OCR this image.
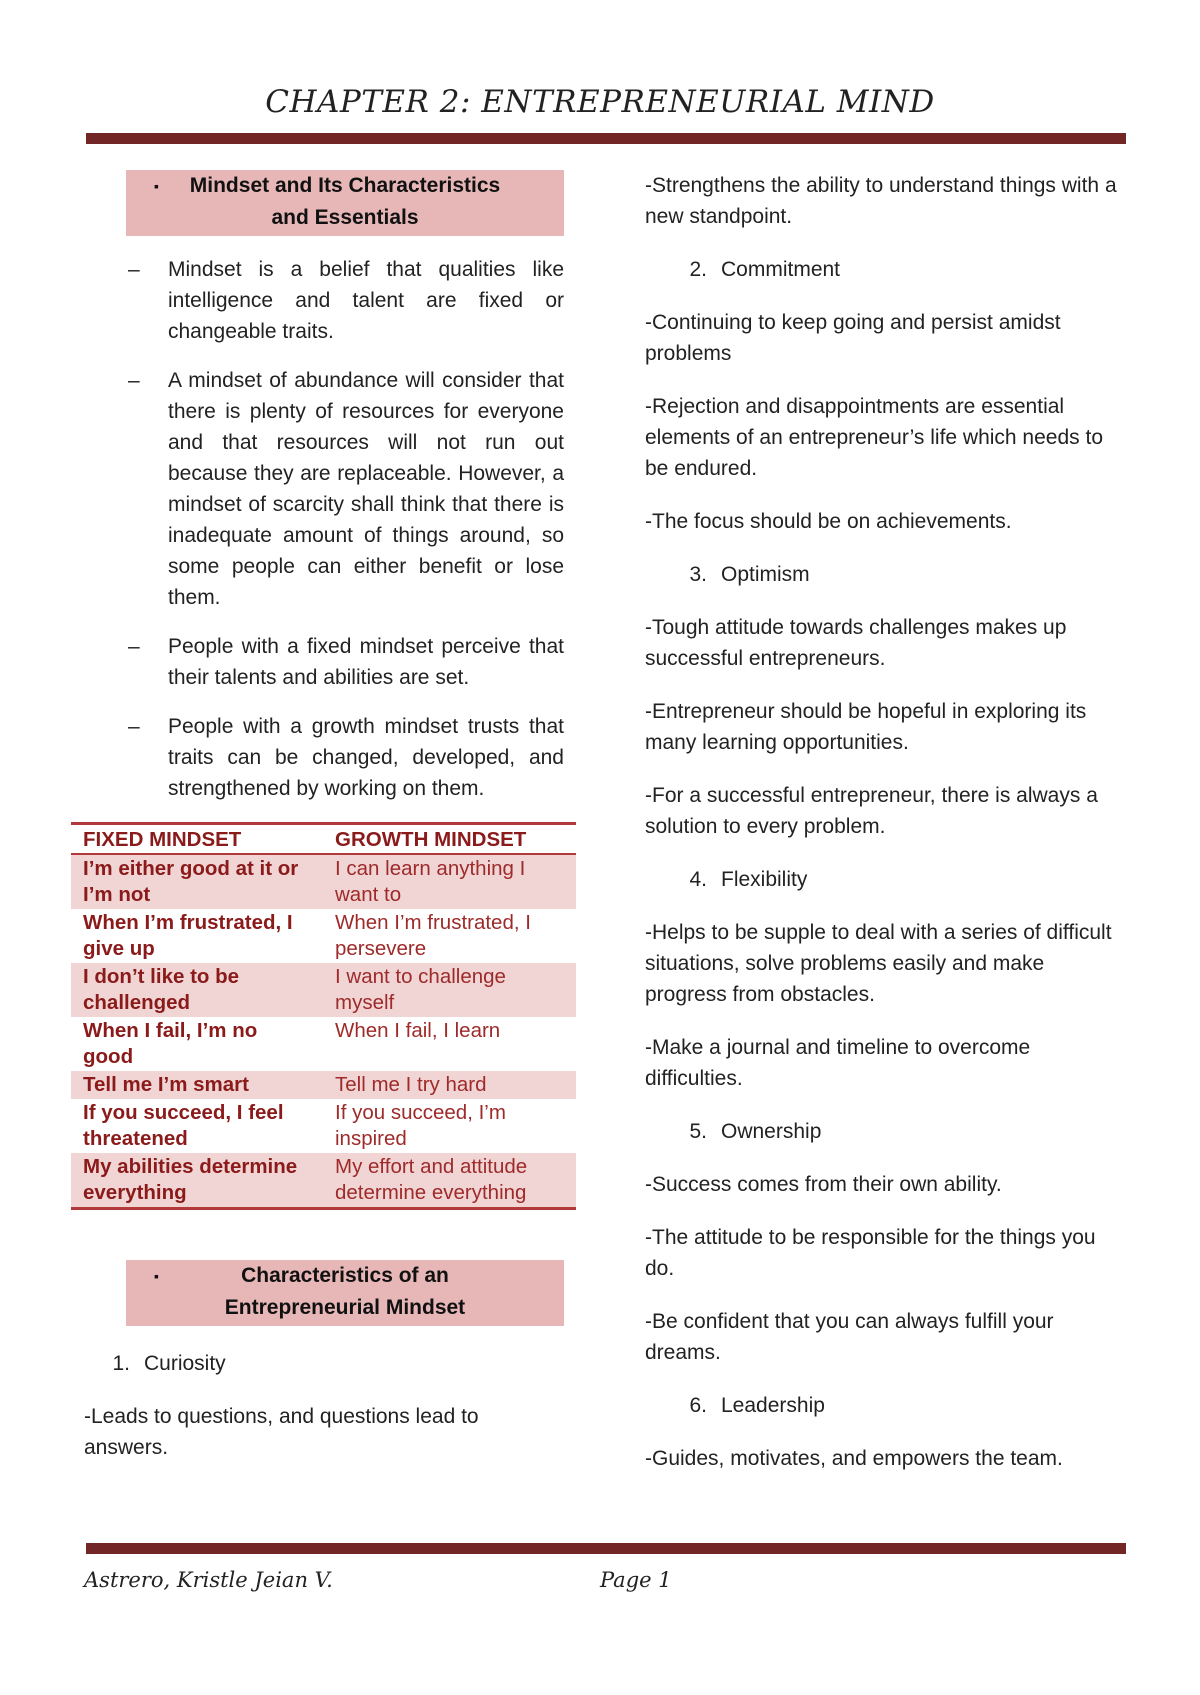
CHAPTER 2: ENTREPRENEURIAL MIND
▪	Mindset and Its Characteristics
and Essentials
– Mindset is a belief that qualities like intelligence and talent are fixed or changeable traits.
– A mindset of abundance will consider that there is plenty of resources for everyone and that resources will not run out because they are replaceable. However, a mindset of scarcity shall think that there is inadequate amount of things around, so some people can either benefit or lose them.
– People with a fixed mindset perceive that their talents and abilities are set.
– People with a growth mindset trusts that traits can be changed, developed, and strengthened by working on them.
FIXED MINDSET	GROWTH MINDSET
I’m either good at it or I’m not	I can learn anything I want to
When I’m frustrated, I give up	When I’m frustrated, I persevere
I don’t like to be challenged	I want to challenge myself
When I fail, I’m no good	When I fail, I learn
Tell me I’m smart	Tell me I try hard
If you succeed, I feel threatened	If you succeed, I’m inspired
My abilities determine everything	My effort and attitude determine everything
▪	Characteristics of an
Entrepreneurial Mindset
1. Curiosity
-Leads to questions, and questions lead to answers.
-Strengthens the ability to understand things with a new standpoint.
2. Commitment
-Continuing to keep going and persist amidst problems
-Rejection and disappointments are essential elements of an entrepreneur’s life which needs to be endured.
-The focus should be on achievements.
3. Optimism
-Tough attitude towards challenges makes up successful entrepreneurs.
-Entrepreneur should be hopeful in exploring its many learning opportunities.
-For a successful entrepreneur, there is always a solution to every problem.
4. Flexibility
-Helps to be supple to deal with a series of difficult situations, solve problems easily and make progress from obstacles.
-Make a journal and timeline to overcome difficulties.
5. Ownership
-Success comes from their own ability.
-The attitude to be responsible for the things you do.
-Be confident that you can always fulfill your dreams.
6. Leadership
-Guides, motivates, and empowers the team.
Astrero, Kristle Jeian V.	Page 1
